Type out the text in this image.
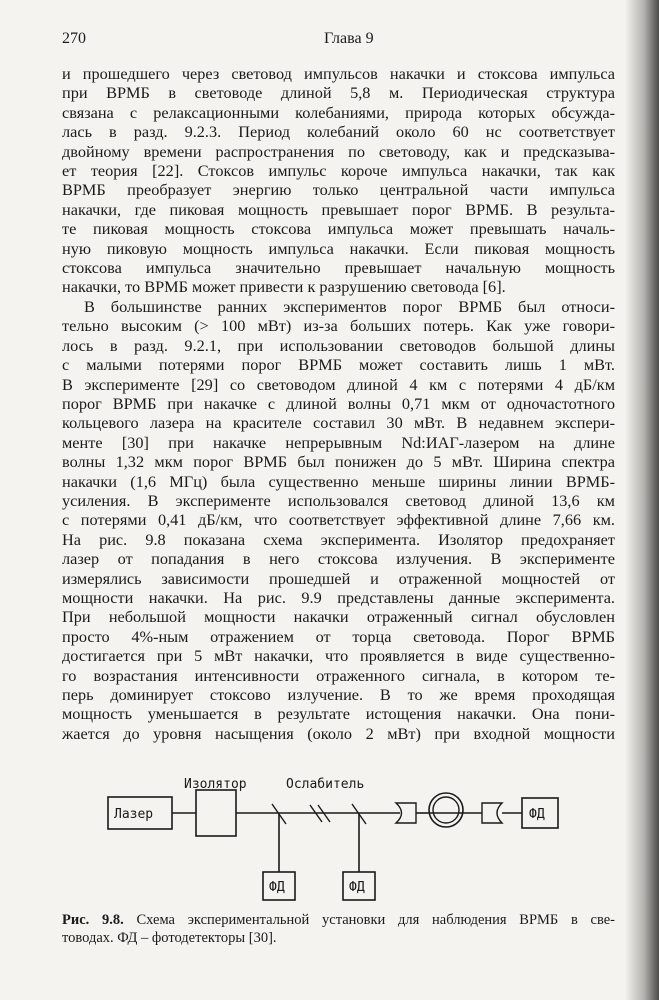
270	Глава 9
и прошедшего через световод импульсов накачки и стоксова импульса
при ВРМБ в световоде длиной 5,8 м. Периодическая структура
связана с релаксационными колебаниями, природа которых обсужда-
лась в разд. 9.2.3. Период колебаний около 60 нс соответствует
двойному времени распространения по световоду, как и предсказыва-
ет теория [22]. Стоксов импульс короче импульса накачки, так как
ВРМБ преобразует энергию только центральной части импульса
накачки, где пиковая мощность превышает порог ВРМБ. В результа-
те пиковая мощность стоксова импульса может превышать началь-
ную пиковую мощность импульса накачки. Если пиковая мощность
стоксова импульса значительно превышает начальную мощность
накачки, то ВРМБ может привести к разрушению световода [6].
В большинстве ранних экспериментов порог ВРМБ был относи-
тельно высоким (> 100 мВт) из-за больших потерь. Как уже говори-
лось в разд. 9.2.1, при использовании световодов большой длины
с малыми потерями порог ВРМБ может составить лишь 1 мВт.
В эксперименте [29] со световодом длиной 4 км с потерями 4 дБ/км
порог ВРМБ при накачке с длиной волны 0,71 мкм от одночастотного
кольцевого лазера на красителе составил 30 мВт. В недавнем экспери-
менте [30] при накачке непрерывным Nd:ИАГ-лазером на длине
волны 1,32 мкм порог ВРМБ был понижен до 5 мВт. Ширина спектра
накачки (1,6 МГц) была существенно меньше ширины линии ВРМБ-
усиления. В эксперименте использовался световод длиной 13,6 км
с потерями 0,41 дБ/км, что соответствует эффективной длине 7,66 км.
На рис. 9.8 показана схема эксперимента. Изолятор предохраняет
лазер от попадания в него стоксова излучения. В эксперименте
измерялись зависимости прошедшей и отраженной мощностей от
мощности накачки. На рис. 9.9 представлены данные эксперимента.
При небольшой мощности накачки отраженный сигнал обусловлен
просто 4%-ным отражением от торца световода. Порог ВРМБ
достигается при 5 мВт накачки, что проявляется в виде существенно-
го возрастания интенсивности отраженного сигнала, в котором те-
перь доминирует стоксово излучение. В то же время проходящая
мощность уменьшается в результате истощения накачки. Она пони-
жается до уровня насыщения (около 2 мВт) при входной мощности
Лазер
Изолятор	Ослабитель
ФД	ФД
ФД
Рис. 9.8. Схема экспериментальной установки для наблюдения ВРМБ в све-
товодах. ФД – фотодетекторы [30].
